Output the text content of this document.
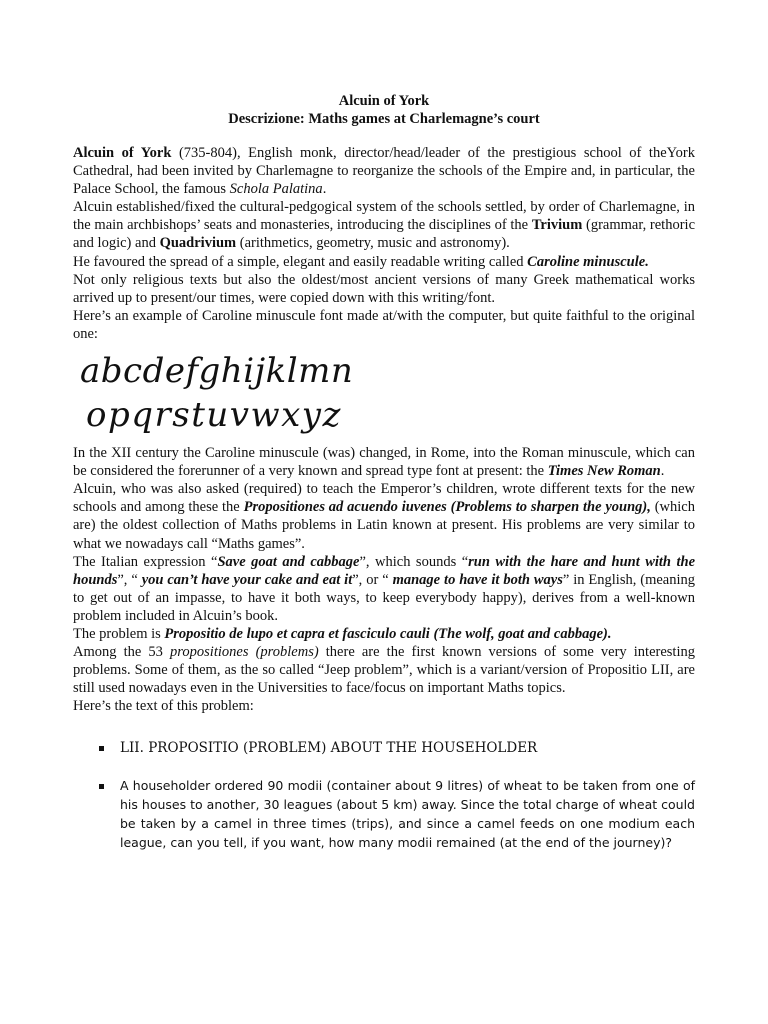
Alcuin of York
Descrizione: Maths games at Charlemagne’s court

Alcuin of York (735-804), English monk, director/head/leader of the prestigious school of theYork Cathedral, had been invited by Charlemagne to reorganize the schools of the Empire and, in particular, the Palace School, the famous Schola Palatina.

Alcuin established/fixed the cultural-pedgogical system of the schools settled, by order of Charlemagne, in the main archbishops’ seats and monasteries, introducing the disciplines of the Trivium (grammar, rethoric and logic) and Quadrivium (arithmetics, geometry, music and astronomy).

He favoured the spread of a simple, elegant and easily readable writing called Caroline minuscule.

Not only religious texts but also the oldest/most ancient versions of many Greek mathematical works arrived up to present/our times, were copied down with this writing/font.

Here’s an example of Caroline minuscule font made at/with the computer, but quite faithful to the original one:

abcdefghijklmn
opqrstuvwxyz

In the XII century the Caroline minuscule (was) changed, in Rome, into the Roman minuscule, which can be considered the forerunner of a very known and spread type font at present: the Times New Roman.

Alcuin, who was also asked (required) to teach the Emperor’s children, wrote different texts for the new schools and among these the Propositiones ad acuendo iuvenes (Problems to sharpen the young), (which are) the oldest collection of Maths problems in Latin known at present. His problems are very similar to what we nowadays call “Maths games”.

The Italian expression “Save goat and cabbage”, which sounds “run with the hare and hunt with the hounds”, “ you can’t have your cake and eat it”, or “ manage to have it both ways” in English, (meaning to get out of an impasse, to have it both ways, to keep everybody happy), derives from a well-known problem included in Alcuin’s book.

The problem is Propositio de lupo et capra et fasciculo cauli (The wolf, goat and cabbage).

Among the 53 propositiones (problems) there are the first known versions of some very interesting problems. Some of them, as the so called “Jeep problem”, which is a variant/version of Propositio LII, are still used nowadays even in the Universities to face/focus on important Maths topics.

Here’s the text of this problem:

LII. PROPOSITIO (PROBLEM) ABOUT THE HOUSEHOLDER
A householder ordered 90 modii (container about 9 litres) of wheat to be taken from one of his houses to another, 30 leagues (about 5 km) away. Since the total charge of wheat could be taken by a camel in three times (trips), and since a camel feeds on one modium each league, can you tell, if you want, how many modii remained (at the end of the journey)?
